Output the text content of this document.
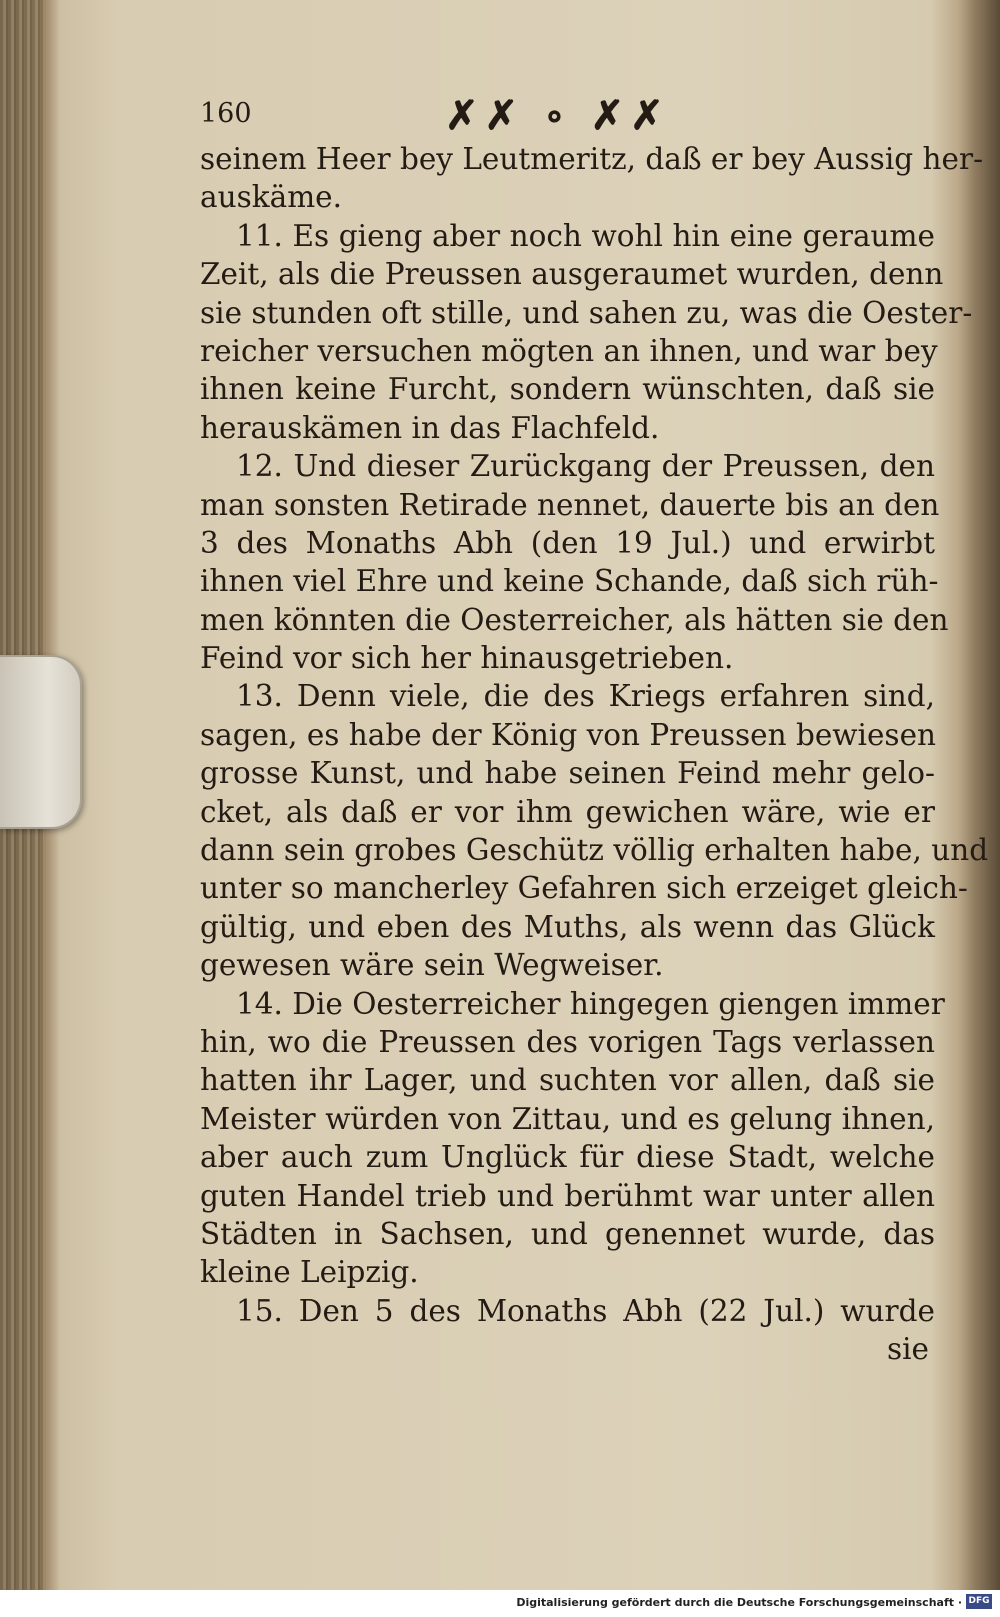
160	✗✗ ∘ ✗✗
seinem Heer bey Leutmeritz, daß er bey Aussig her-
auskäme.
11. Es gieng aber noch wohl hin eine geraume
Zeit, als die Preussen ausgeraumet wurden, denn
sie stunden oft stille, und sahen zu, was die Oester-
reicher versuchen mögten an ihnen, und war bey
ihnen keine Furcht, sondern wünschten, daß sie
herauskämen in das Flachfeld.
12. Und dieser Zurückgang der Preussen, den
man sonsten Retirade nennet, dauerte bis an den
3 des Monaths Abh (den 19 Jul.) und erwirbt
ihnen viel Ehre und keine Schande, daß sich rüh-
men könnten die Oesterreicher, als hätten sie den
Feind vor sich her hinausgetrieben.
13. Denn viele, die des Kriegs erfahren sind,
sagen, es habe der König von Preussen bewiesen
grosse Kunst, und habe seinen Feind mehr gelo-
cket, als daß er vor ihm gewichen wäre, wie er
dann sein grobes Geschütz völlig erhalten habe, und
unter so mancherley Gefahren sich erzeiget gleich-
gültig, und eben des Muths, als wenn das Glück
gewesen wäre sein Wegweiser.
14. Die Oesterreicher hingegen giengen immer
hin, wo die Preussen des vorigen Tags verlassen
hatten ihr Lager, und suchten vor allen, daß sie
Meister würden von Zittau, und es gelung ihnen,
aber auch zum Unglück für diese Stadt, welche
guten Handel trieb und berühmt war unter allen
Städten in Sachsen, und genennet wurde, das
kleine Leipzig.
15. Den 5 des Monaths Abh (22 Jul.) wurde
sie
Digitalisierung gefördert durch die Deutsche Forschungsgemeinschaft · DFG
